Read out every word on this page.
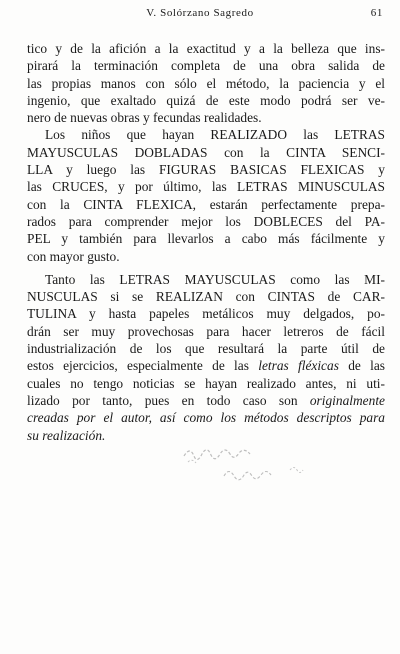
V. Solórzano Sagredo	61
tico y de la afición a la exactitud y a la belleza que ins-
pirará la terminación completa de una obra salida de
las propias manos con sólo el método, la paciencia y el
ingenio, que exaltado quizá de este modo podrá ser ve-
nero de nuevas obras y fecundas realidades.
Los niños que hayan REALIZADO las LETRAS
MAYUSCULAS DOBLADAS con la CINTA SENCI-
LLA y luego las FIGURAS BASICAS FLEXICAS y
las CRUCES, y por último, las LETRAS MINUSCULAS
con la CINTA FLEXICA, estarán perfectamente prepa-
rados para comprender mejor los DOBLECES del PA-
PEL y también para llevarlos a cabo más fácilmente y
con mayor gusto.
Tanto las LETRAS MAYUSCULAS como las MI-
NUSCULAS si se REALIZAN con CINTAS de CAR-
TULINA y hasta papeles metálicos muy delgados, po-
drán ser muy provechosas para hacer letreros de fácil
industrialización de los que resultará la parte útil de
estos ejercicios, especialmente de las letras fléxicas de las
cuales no tengo noticias se hayan realizado antes, ni uti-
lizado por tanto, pues en todo caso son originalmente
creadas por el autor, así como los métodos descriptos para
su realización.
